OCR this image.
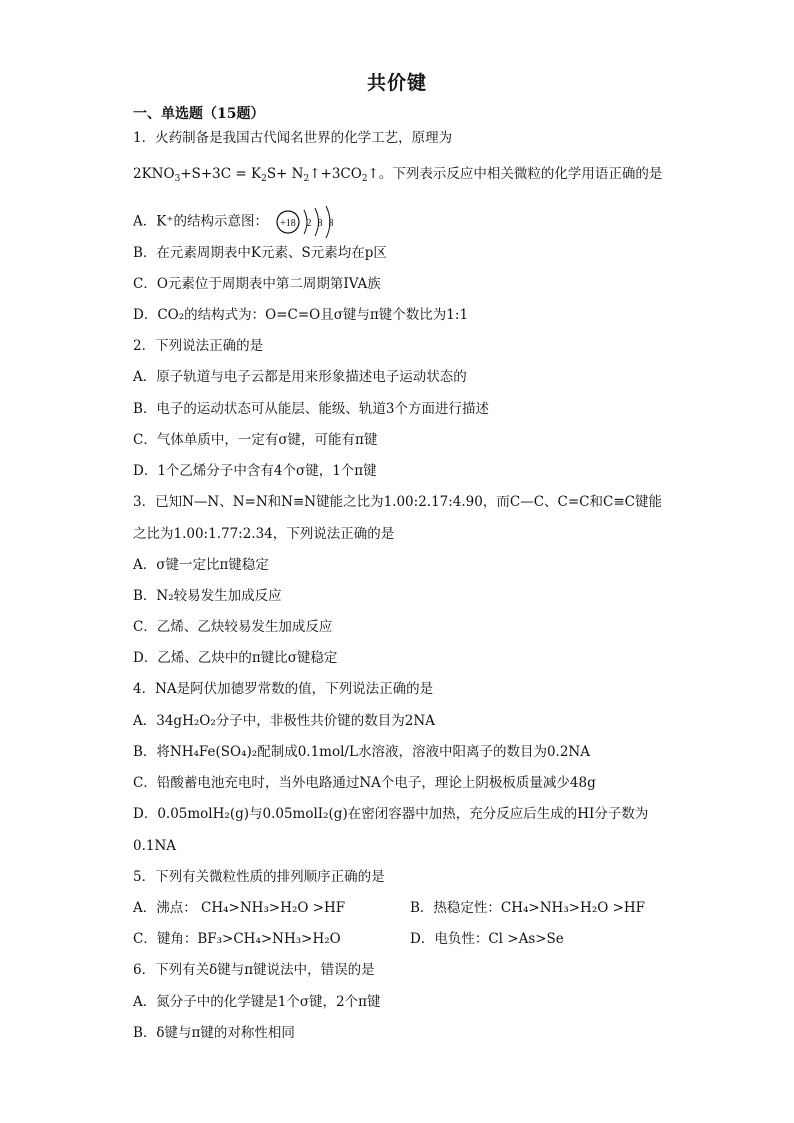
共价键
一、单选题（15题）
1．火药制备是我国古代闻名世界的化学工艺，原理为
$2KNO_3+S+3C = K_2S+$ $N_2↑+3CO_2↑$。下列表示反应中相关微粒的化学用语正确的是
A．K⁺的结构示意图： +18 2 8 8
B．在元素周期表中K元素、S元素均在p区
C．O元素位于周期表中第二周期第IVA族
D．CO₂的结构式为：O=C=O且σ键与π键个数比为1:1
2．下列说法正确的是
A．原子轨道与电子云都是用来形象描述电子运动状态的
B．电子的运动状态可从能层、能级、轨道3个方面进行描述
C．气体单质中，一定有σ键，可能有π键
D．1个乙烯分子中含有4个σ键，1个π键
3．已知N—N、N=N和N≡N键能之比为1.00:2.17:4.90，而C—C、C=C和C≡C键能
之比为1.00:1.77:2.34，下列说法正确的是
A．σ键一定比π键稳定
B．N₂较易发生加成反应
C．乙烯、乙炔较易发生加成反应
D．乙烯、乙炔中的π键比σ键稳定
4．NA是阿伏加德罗常数的值，下列说法正确的是
A．34gH₂O₂分子中，非极性共价键的数目为2NA
B．将NH₄Fe(SO₄)₂配制成0.1mol/L水溶液，溶液中阳离子的数目为0.2NA
C．铅酸蓄电池充电时，当外电路通过NA个电子，理论上阴极板质量减少48g
D．0.05molH₂(g)与0.05molI₂(g)在密闭容器中加热，充分反应后生成的HI分子数为
0.1NA
5．下列有关微粒性质的排列顺序正确的是
A．沸点： CH₄>NH₃>H₂O >HF	B．热稳定性：CH₄>NH₃>H₂O >HF
C．键角：BF₃>CH₄>NH₃>H₂O	D．电负性：Cl >As>Se
6．下列有关δ键与π键说法中，错误的是
A．氮分子中的化学键是1个σ键，2个π键
B．δ键与π键的对称性相同
